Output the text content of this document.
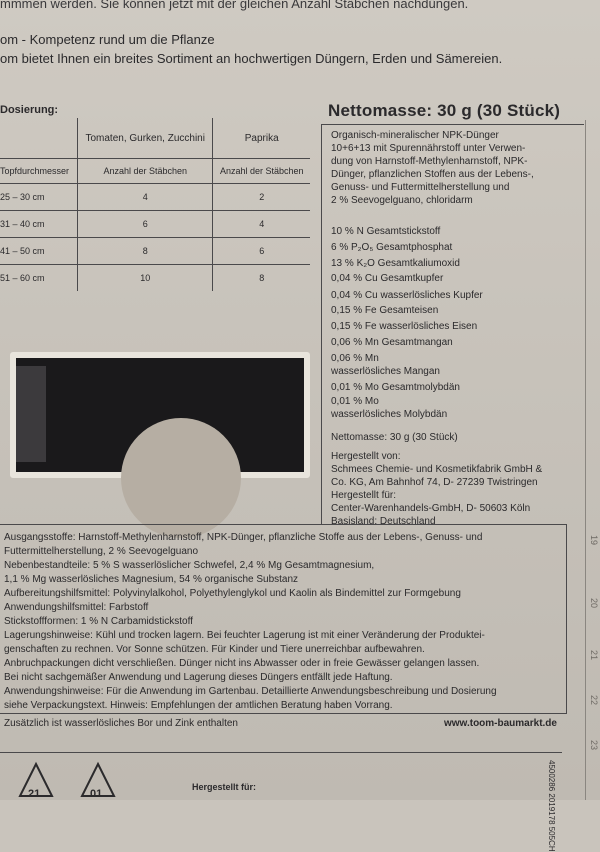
mmmen werden. Sie können jetzt mit der gleichen Anzahl Stäbchen nachdüngen.
om - Kompetenz rund um die Pflanze
om bietet Ihnen ein breites Sortiment an hochwertigen Düngern, Erden und Sämereien.
Dosierung:
	Tomaten, Gurken, Zucchini	Paprika
Topfdurchmesser	Anzahl der Stäbchen	Anzahl der Stäbchen
25 – 30 cm	4	2
31 – 40 cm	6	4
41 – 50 cm	8	6
51 – 60 cm	10	8
Nettomasse: 30 g (30 Stück)
Organisch-mineralischer NPK-Dünger
10+6+13 mit Spurennährstoff unter Verwen-
dung von Harnstoff-Methylenharnstoff, NPK-
Dünger, pflanzlichen Stoffen aus der Lebens-,
Genuss- und Futtermittelherstellung und
2 % Seevogelguano, chloridarm
10 % N Gesamtstickstoff
6 % P₂O₅ Gesamtphosphat
13 % K₂O Gesamtkaliumoxid
0,04 % Cu Gesamtkupfer
0,04 % Cu wasserlösliches Kupfer
0,15 % Fe Gesamteisen
0,15 % Fe wasserlösliches Eisen
0,06 % Mn Gesamtmangan
0,06 % Mn
wasserlösliches Mangan
0,01 % Mo Gesamtmolybdän
0,01 % Mo
wasserlösliches Molybdän
Nettomasse: 30 g (30 Stück)
Hergestellt von:
Schmees Chemie- und Kosmetikfabrik GmbH &
Co. KG, Am Bahnhof 74, D- 27239 Twistringen
Hergestellt für:
Center-Warenhandels-GmbH, D- 50603 Köln
Basisland: Deutschland
Ausgangsstoffe: Harnstoff-Methylenharnstoff, NPK-Dünger, pflanzliche Stoffe aus der Lebens-, Genuss- und
Futtermittelherstellung, 2 % Seevogelguano
Nebenbestandteile: 5 % S wasserlöslicher Schwefel, 2,4 % Mg Gesamtmagnesium,
1,1 % Mg wasserlösliches Magnesium, 54 % organische Substanz
Aufbereitungshilfsmittel: Polyvinylalkohol, Polyethylenglykol und Kaolin als Bindemittel zur Formgebung
Anwendungshilfsmittel: Farbstoff
Stickstoffformen: 1 % N Carbamidstickstoff
Lagerungshinweise: Kühl und trocken lagern. Bei feuchter Lagerung ist mit einer Veränderung der Produktei-
genschaften zu rechnen. Vor Sonne schützen. Für Kinder und Tiere unerreichbar aufbewahren.
Anbruchpackungen dicht verschließen. Dünger nicht ins Abwasser oder in freie Gewässer gelangen lassen.
Bei nicht sachgemäßer Anwendung und Lagerung dieses Düngers entfällt jede Haftung.
Anwendungshinweise: Für die Anwendung im Gartenbau. Detaillierte Anwendungsbeschreibung und Dosierung
siehe Verpackungstext. Hinweis: Empfehlungen der amtlichen Beratung haben Vorrang.
Zusätzlich ist wasserlösliches Bor und Zink enthalten	www.toom-baumarkt.de
19
20
21
22
23
21	01
Hergestellt für:	4500286 2019178 505CH
